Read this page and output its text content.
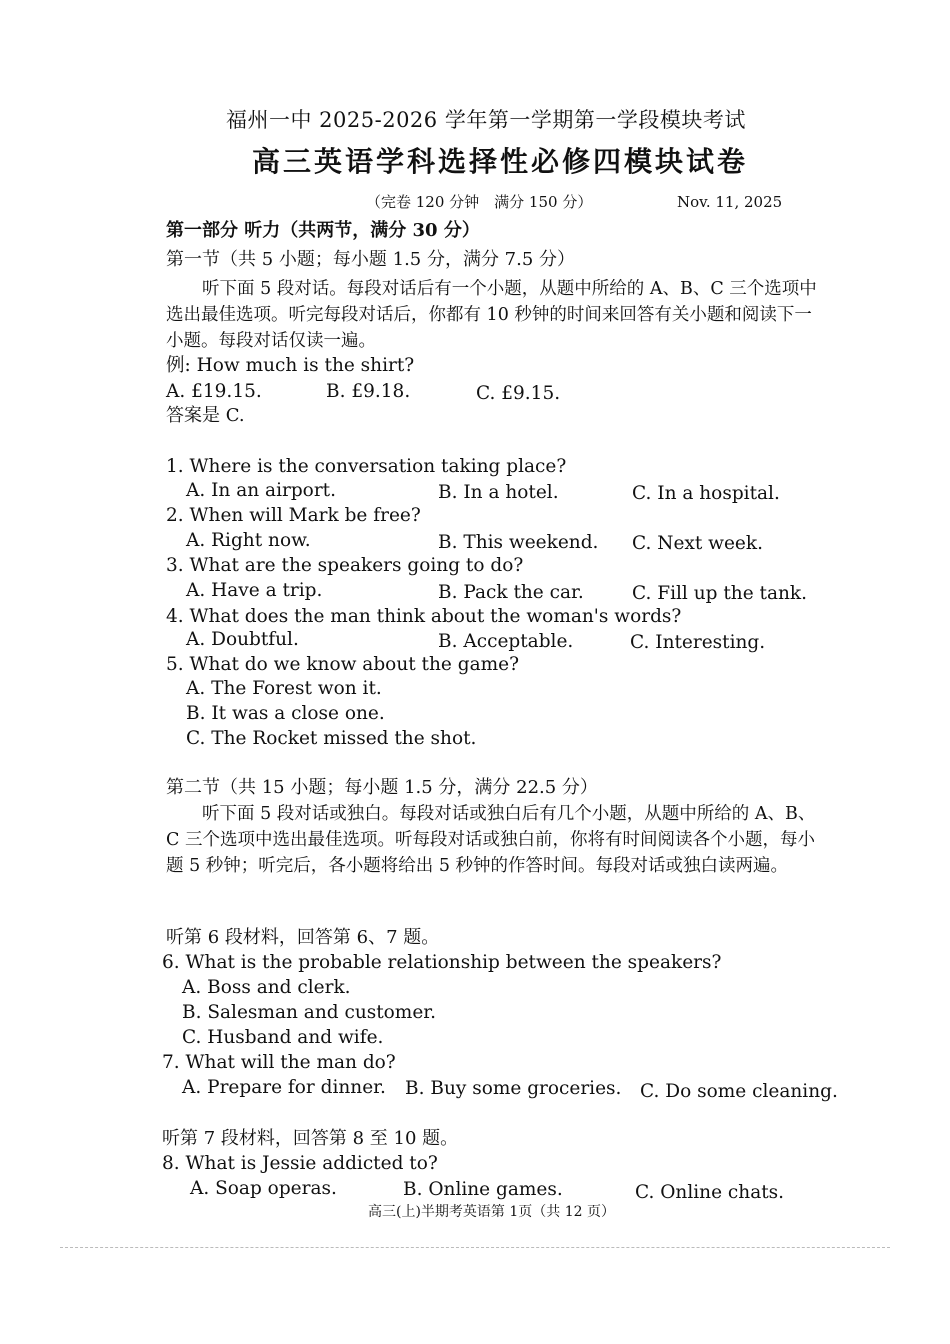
福州一中 2025-2026 学年第一学期第一学段模块考试
高三英语学科选择性必修四模块试卷
（完卷 120 分钟　满分 150 分）	Nov. 11, 2025
第一部分 听力（共两节，满分 30 分）
第一节（共 5 小题；每小题 1.5 分，满分 7.5 分）
听下面 5 段对话。每段对话后有一个小题，从题中所给的 A、B、C 三个选项中选出最佳选项。听完每段对话后，你都有 10 秒钟的时间来回答有关小题和阅读下一小题。每段对话仅读一遍。
例: How much is the shirt?
A. £19.15.	B. £9.18.	C. £9.15.
答案是 C.
1. Where is the conversation taking place?
A. In an airport.	B. In a hotel.	C. In a hospital.
2. When will Mark be free?
A. Right now.	B. This weekend. C. Next week.
3. What are the speakers going to do?
A. Have a trip.	B. Pack the car.	C. Fill up the tank.
4. What does the man think about the woman's words?
A. Doubtful.	B. Acceptable.	C. Interesting.
5. What do we know about the game?
A. The Forest won it.
B. It was a close one.
C. The Rocket missed the shot.
第二节（共 15 小题；每小题 1.5 分，满分 22.5 分）
听下面 5 段对话或独白。每段对话或独白后有几个小题，从题中所给的 A、B、C 三个选项中选出最佳选项。听每段对话或独白前，你将有时间阅读各个小题，每小题 5 秒钟；听完后，各小题将给出 5 秒钟的作答时间。每段对话或独白读两遍。
听第 6 段材料，回答第 6、7 题。
6. What is the probable relationship between the speakers?
A. Boss and clerk.
B. Salesman and customer.
C. Husband and wife.
7. What will the man do?
A. Prepare for dinner. B. Buy some groceries. C. Do some cleaning.
听第 7 段材料，回答第 8 至 10 题。
8. What is Jessie addicted to?
A. Soap operas.	B. Online games.	C. Online chats.
高三(上)半期考英语第 1页（共 12 页）
